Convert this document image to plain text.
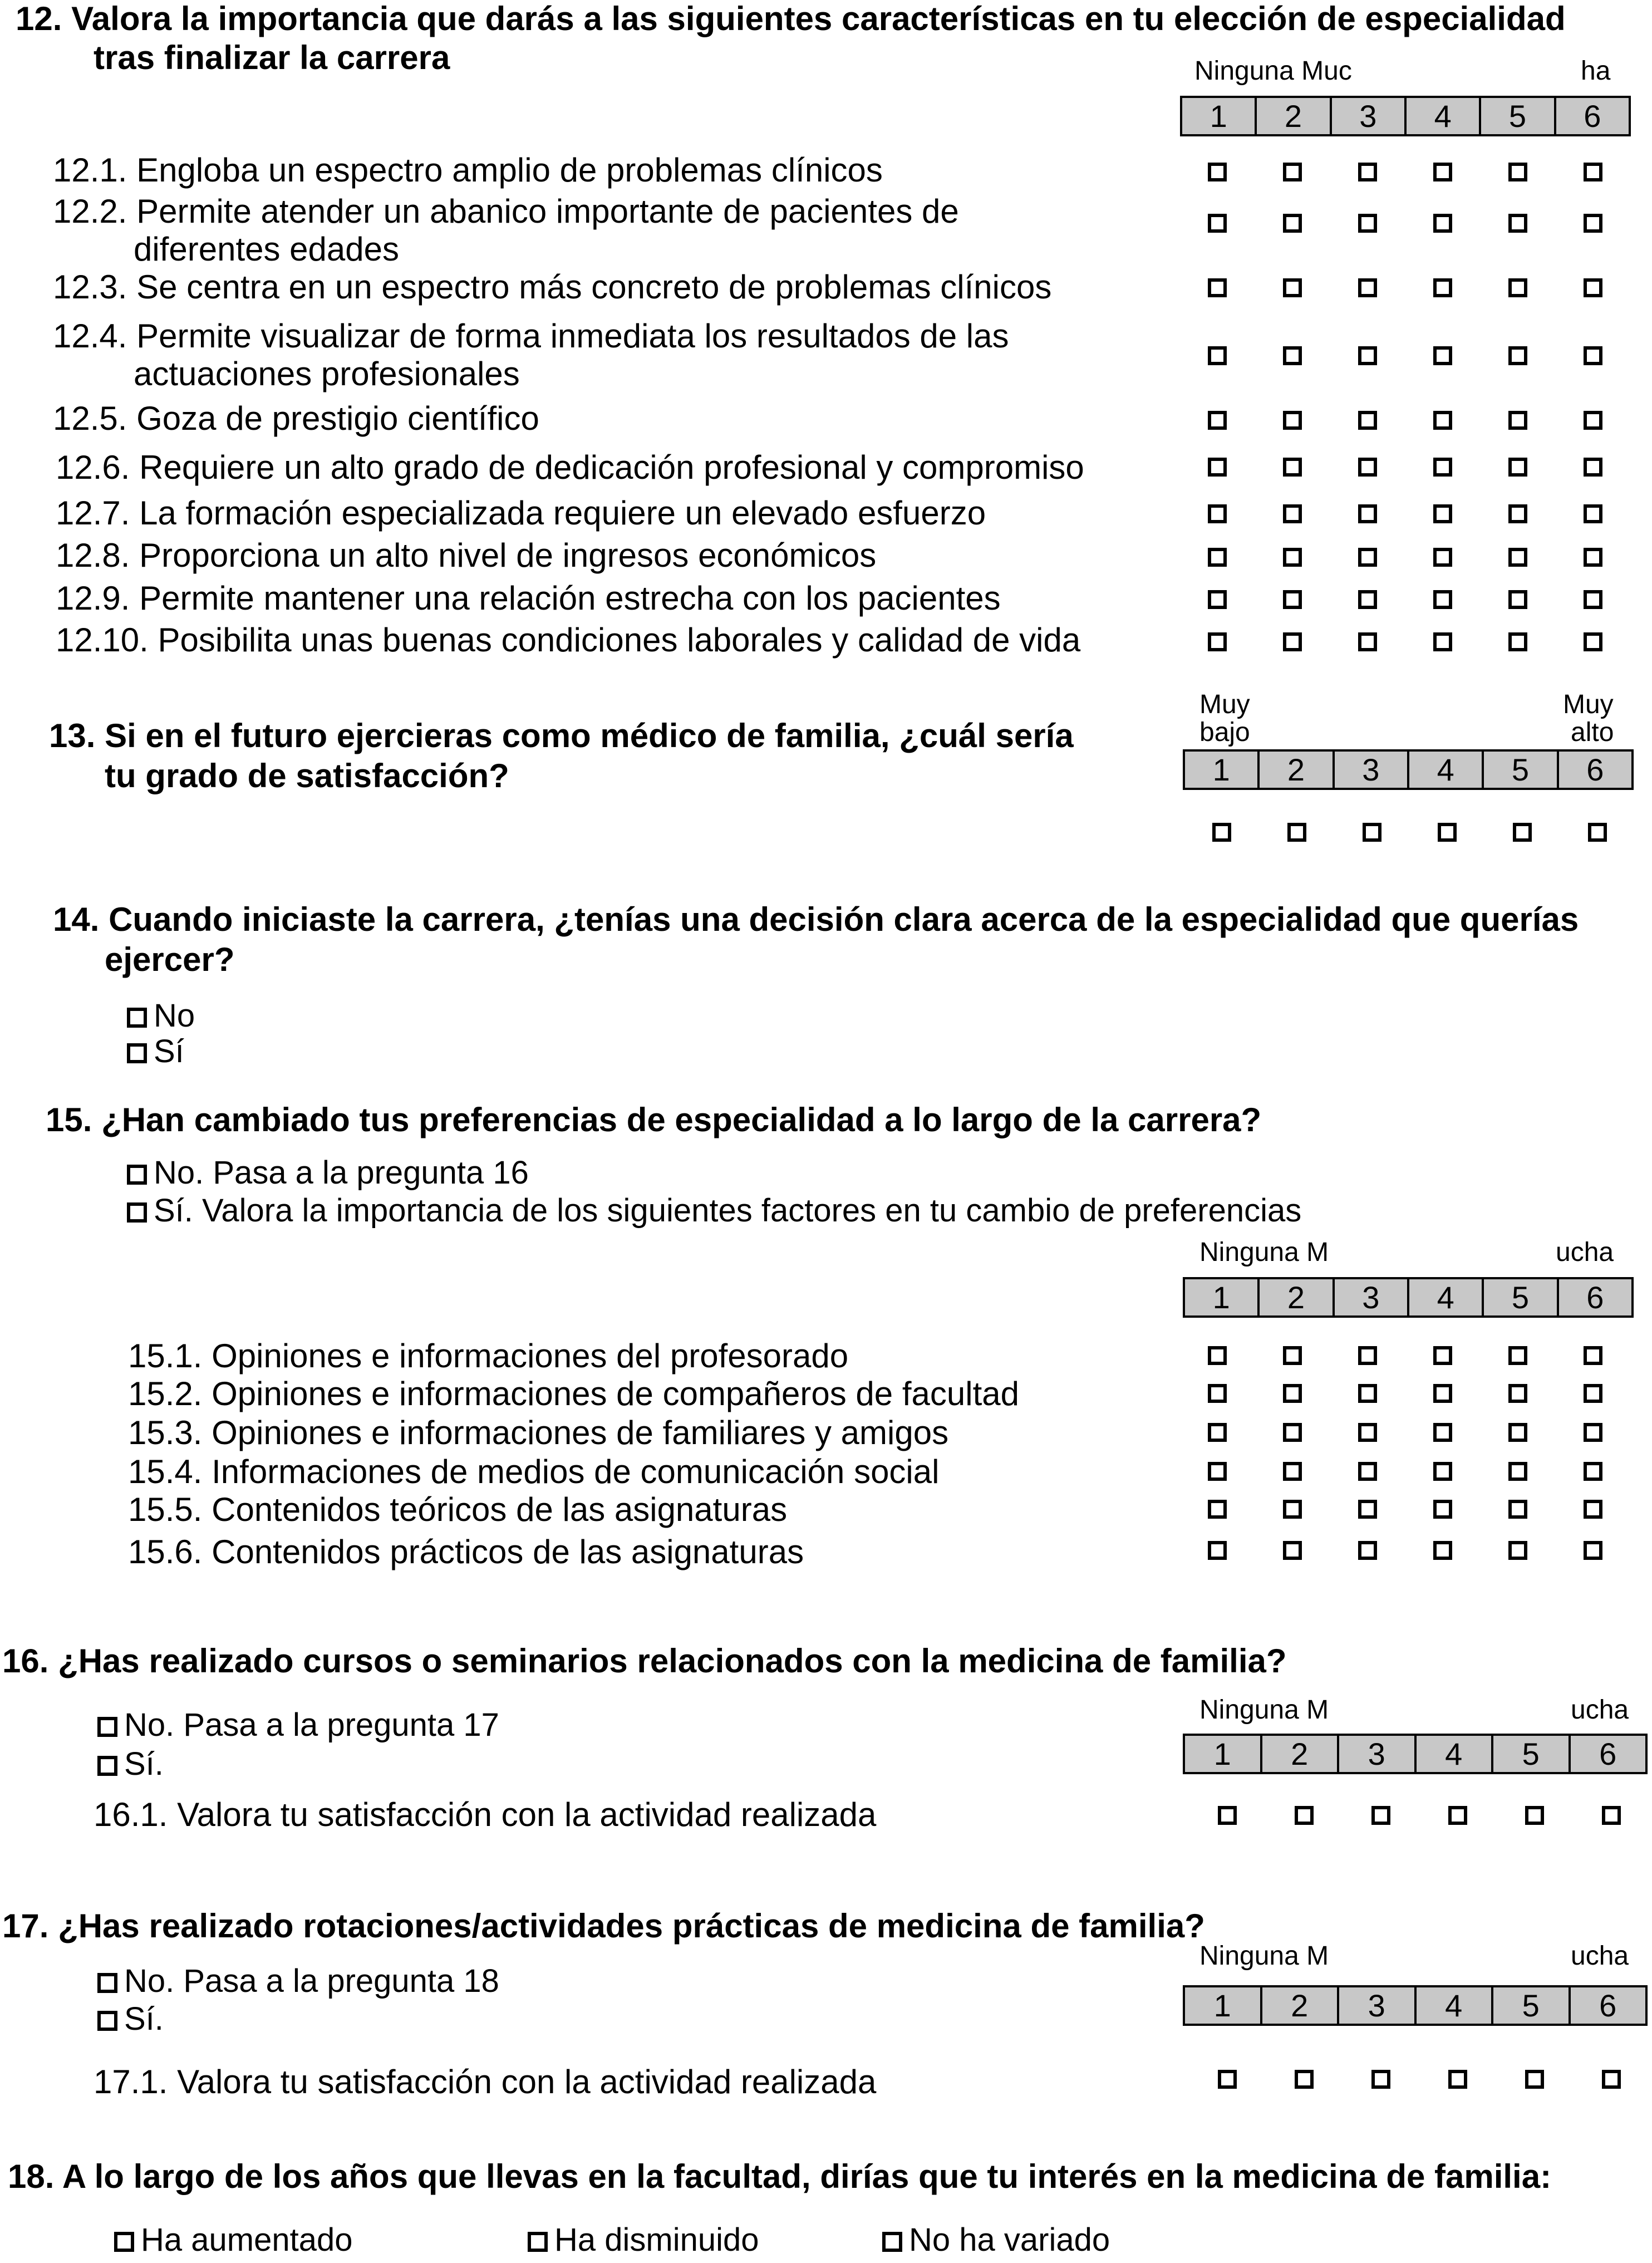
12. Valora la importancia que darás a las siguientes características en tu elección de especialidad
tras finalizar la carrera	Ninguna Muc	ha
1	2	3	4	5	6
12.1. Engloba un espectro amplio de problemas clínicos
12.2. Permite atender un abanico importante de pacientes de
diferentes edades
12.3. Se centra en un espectro más concreto de problemas clínicos
12.4. Permite visualizar de forma inmediata los resultados de las
actuaciones profesionales
12.5. Goza de prestigio científico
12.6. Requiere un alto grado de dedicación profesional y compromiso
12.7. La formación especializada requiere un elevado esfuerzo
12.8. Proporciona un alto nivel de ingresos económicos
12.9. Permite mantener una relación estrecha con los pacientes
12.10. Posibilita unas buenas condiciones laborales y calidad de vida
13. Si en el futuro ejercieras como médico de familia, ¿cuál sería
tu grado de satisfacción?
Muy
bajo
Muy
alto
1	2	3	4	5	6
14. Cuando iniciaste la carrera, ¿tenías una decisión clara acerca de la especialidad que querías
ejercer?
No
Sí
15. ¿Han cambiado tus preferencias de especialidad a lo largo de la carrera?
No. Pasa a la pregunta 16
Sí. Valora la importancia de los siguientes factores en tu cambio de preferencias
Ninguna M	ucha
1	2	3	4	5	6
15.1. Opiniones e informaciones del profesorado
15.2. Opiniones e informaciones de compañeros de facultad
15.3. Opiniones e informaciones de familiares y amigos
15.4. Informaciones de medios de comunicación social
15.5. Contenidos teóricos de las asignaturas
15.6. Contenidos prácticos de las asignaturas
16. ¿Has realizado cursos o seminarios relacionados con la medicina de familia?
No. Pasa a la pregunta 17
Sí.
Ninguna M	ucha
1	2	3	4	5	6
16.1. Valora tu satisfacción con la actividad realizada
17. ¿Has realizado rotaciones/actividades prácticas de medicina de familia?
No. Pasa a la pregunta 18
Sí.
Ninguna M	ucha
1	2	3	4	5	6
17.1. Valora tu satisfacción con la actividad realizada
18. A lo largo de los años que llevas en la facultad, dirías que tu interés en la medicina de familia:
Ha aumentado	Ha disminuido	No ha variado
